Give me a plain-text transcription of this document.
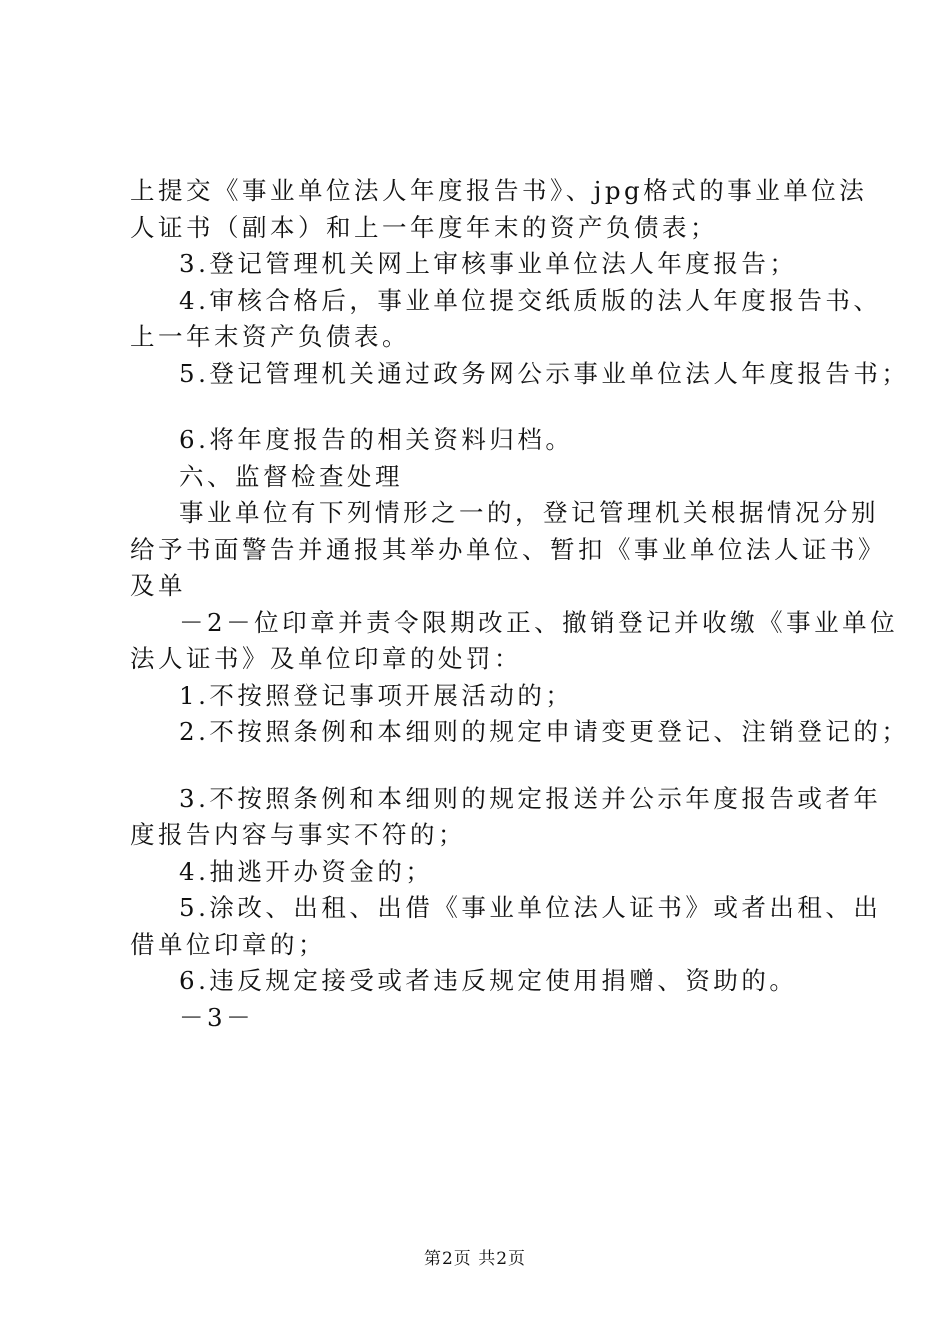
上提交《事业单位法人年度报告书》、jpg格式的事业单位法
人证书（副本）和上一年度年末的资产负债表；
3.登记管理机关网上审核事业单位法人年度报告；
4.审核合格后，事业单位提交纸质版的法人年度报告书、
上一年末资产负债表。
5.登记管理机关通过政务网公示事业单位法人年度报告书；
6.将年度报告的相关资料归档。
六、监督检查处理
事业单位有下列情形之一的，登记管理机关根据情况分别
给予书面警告并通报其举办单位、暂扣《事业单位法人证书》
及单
－2－位印章并责令限期改正、撤销登记并收缴《事业单位
法人证书》及单位印章的处罚：
1.不按照登记事项开展活动的；
2.不按照条例和本细则的规定申请变更登记、注销登记的；
3.不按照条例和本细则的规定报送并公示年度报告或者年
度报告内容与事实不符的；
4.抽逃开办资金的；
5.涂改、出租、出借《事业单位法人证书》或者出租、出
借单位印章的；
6.违反规定接受或者违反规定使用捐赠、资助的。
－3－
第2页 共2页
